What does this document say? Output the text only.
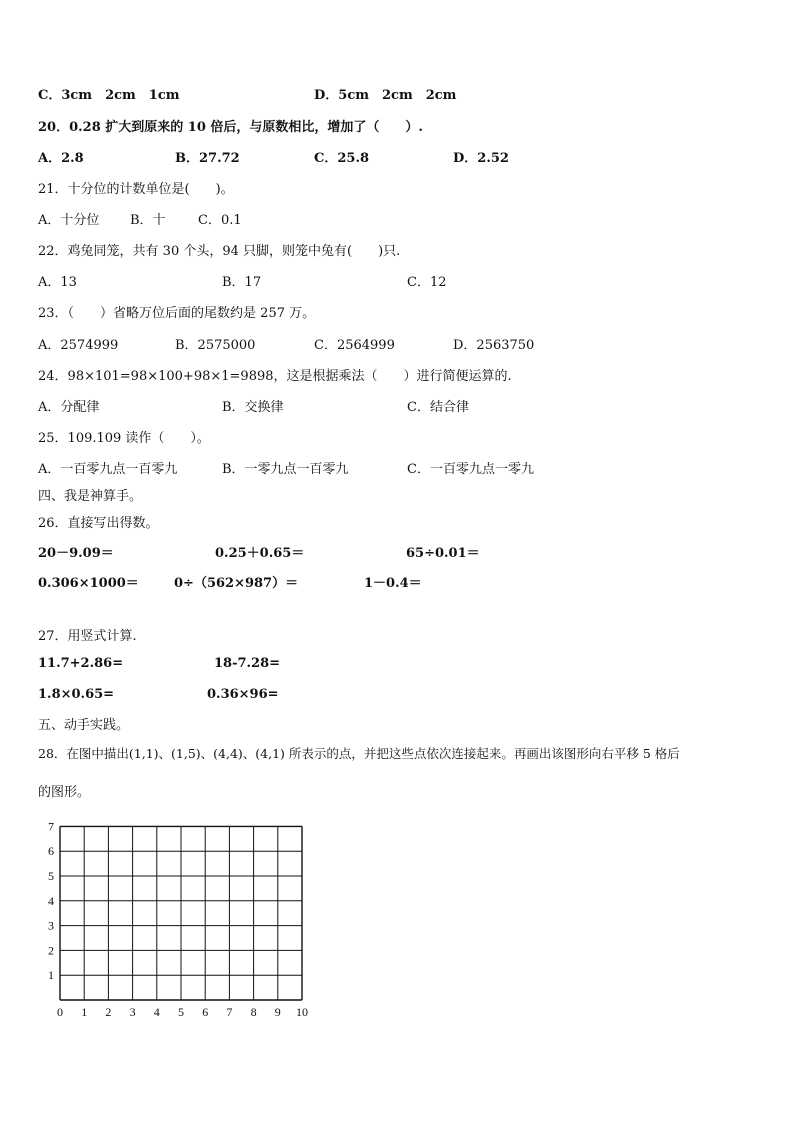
C．3cm　2cm　1cm	D．5cm　2cm　2cm
20．0.28 扩大到原来的 10 倍后，与原数相比，增加了（　　）.
A．2.8	B．27.72	C．25.8	D．2.52
21．十分位的计数单位是(　　)。
A．十分位 B．十 C．0.1
22．鸡兔同笼，共有 30 个头，94 只脚，则笼中兔有(　　)只.
A．13	B．17	C．12
23．（　　）省略万位后面的尾数约是 257 万。
A．2574999	B．2575000	C．2564999	D．2563750
24．98×101=98×100+98×1=9898，这是根据乘法（　　）进行简便运算的.
A．分配律	B．交换律	C．结合律
25．109.109 读作（　　）。
A．一百零九点一百零九	B．一零九点一百零九	C．一百零九点一零九
四、我是神算手。
26．直接写出得数。
20－9.09＝	0.25＋0.65＝	65÷0.01＝
0.306×1000＝	0÷（562×987）＝	1－0.4＝
27．用竖式计算.
11.7+2.86=	18-7.28=
1.8×0.65=	0.36×96=
五、动手实践。
28．在图中描出(1,1)、(1,5)、(4,4)、(4,1) 所表示的点，并把这些点依次连接起来。再画出该图形向右平移 5 格后
的图形。
0 1 2 3 4 5 6 7 8 9 10
1
2
3
4
5
6
7
